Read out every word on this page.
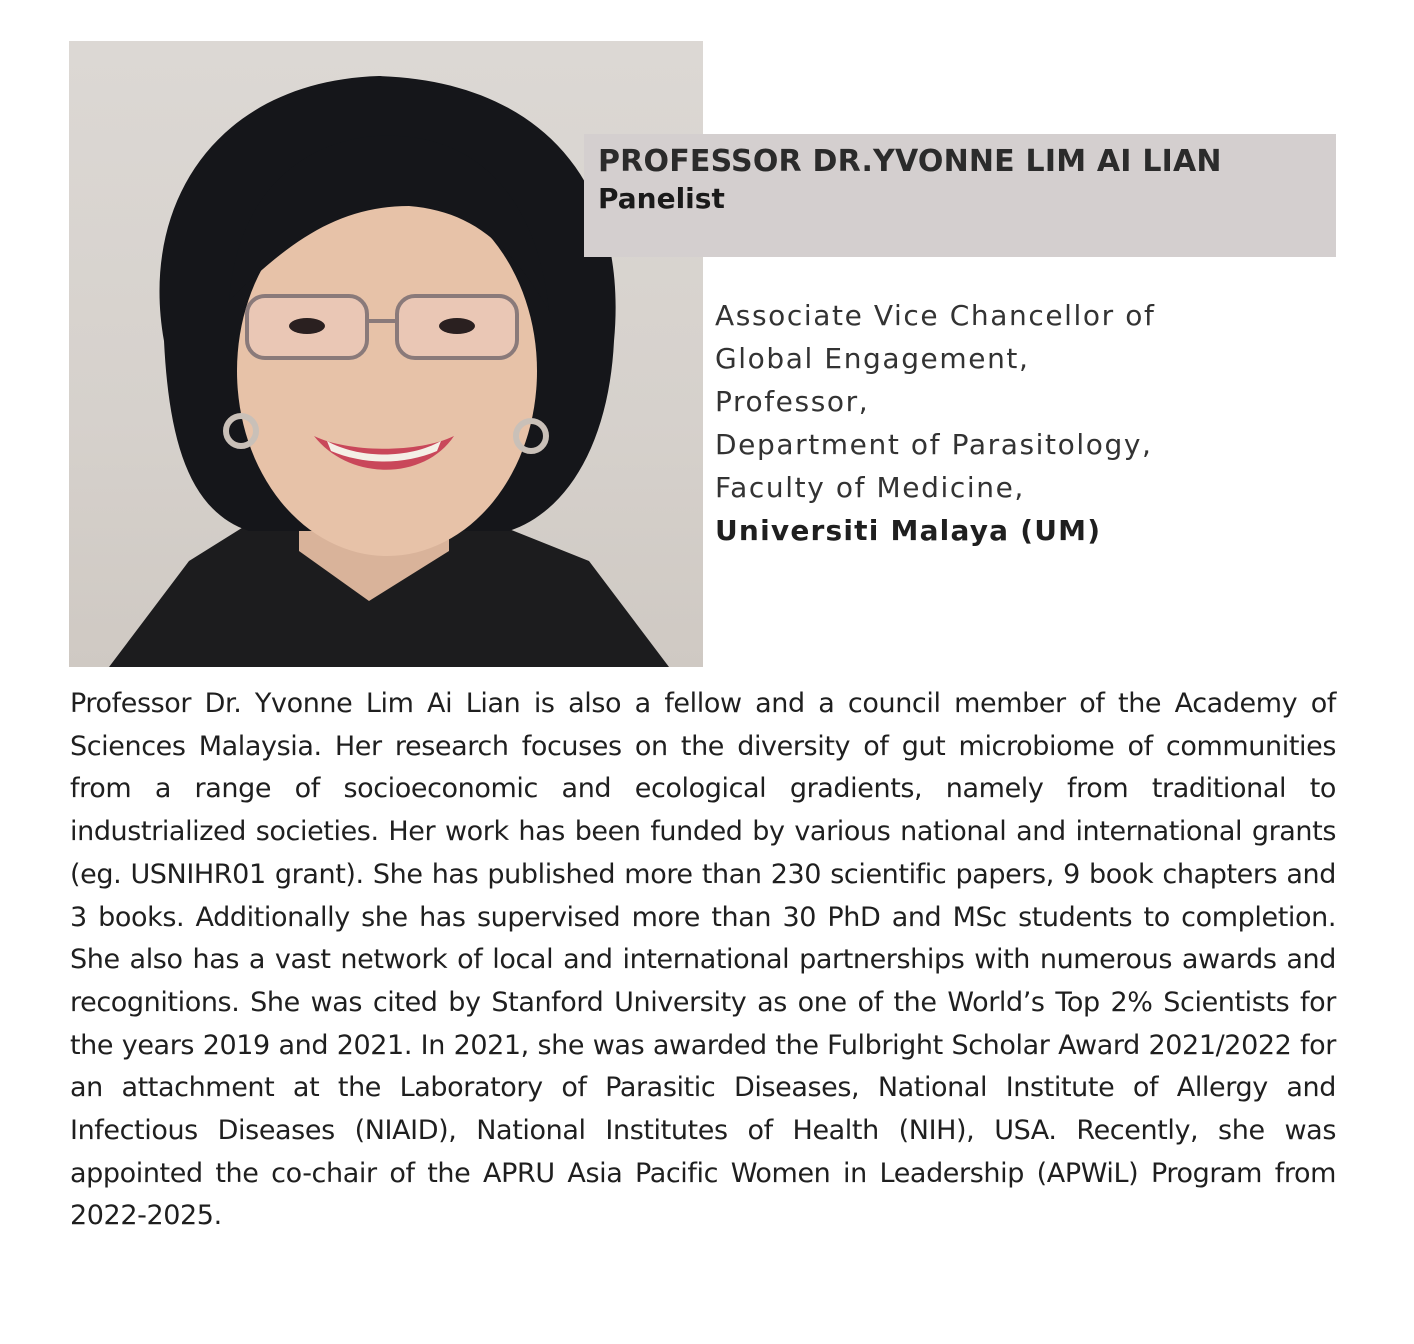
PROFESSOR DR.YVONNE LIM AI LIAN
Panelist
Associate Vice Chancellor of
Global Engagement,
Professor,
Department of Parasitology,
Faculty of Medicine,
Universiti Malaya (UM)

Professor Dr. Yvonne Lim Ai Lian is also a fellow and a council member of the Academy of Sciences Malaysia. Her research focuses on the diversity of gut microbiome of communities from a range of socioeconomic and ecological gradients, namely from traditional to industrialized societies. Her work has been funded by various national and international grants (eg. USNIHR01 grant). She has published more than 230 scientific papers, 9 book chapters and 3 books. Additionally she has supervised more than 30 PhD and MSc students to completion. She also has a vast network of local and international partnerships with numerous awards and recognitions. She was cited by Stanford University as one of the World’s Top 2% Scientists for the years 2019 and 2021. In 2021, she was awarded the Fulbright Scholar Award 2021/2022 for an attachment at the Laboratory of Parasitic Diseases, National Institute of Allergy and Infectious Diseases (NIAID), National Institutes of Health (NIH), USA. Recently, she was appointed the co-chair of the APRU Asia Pacific Women in Leadership (APWiL) Program from 2022-2025.
